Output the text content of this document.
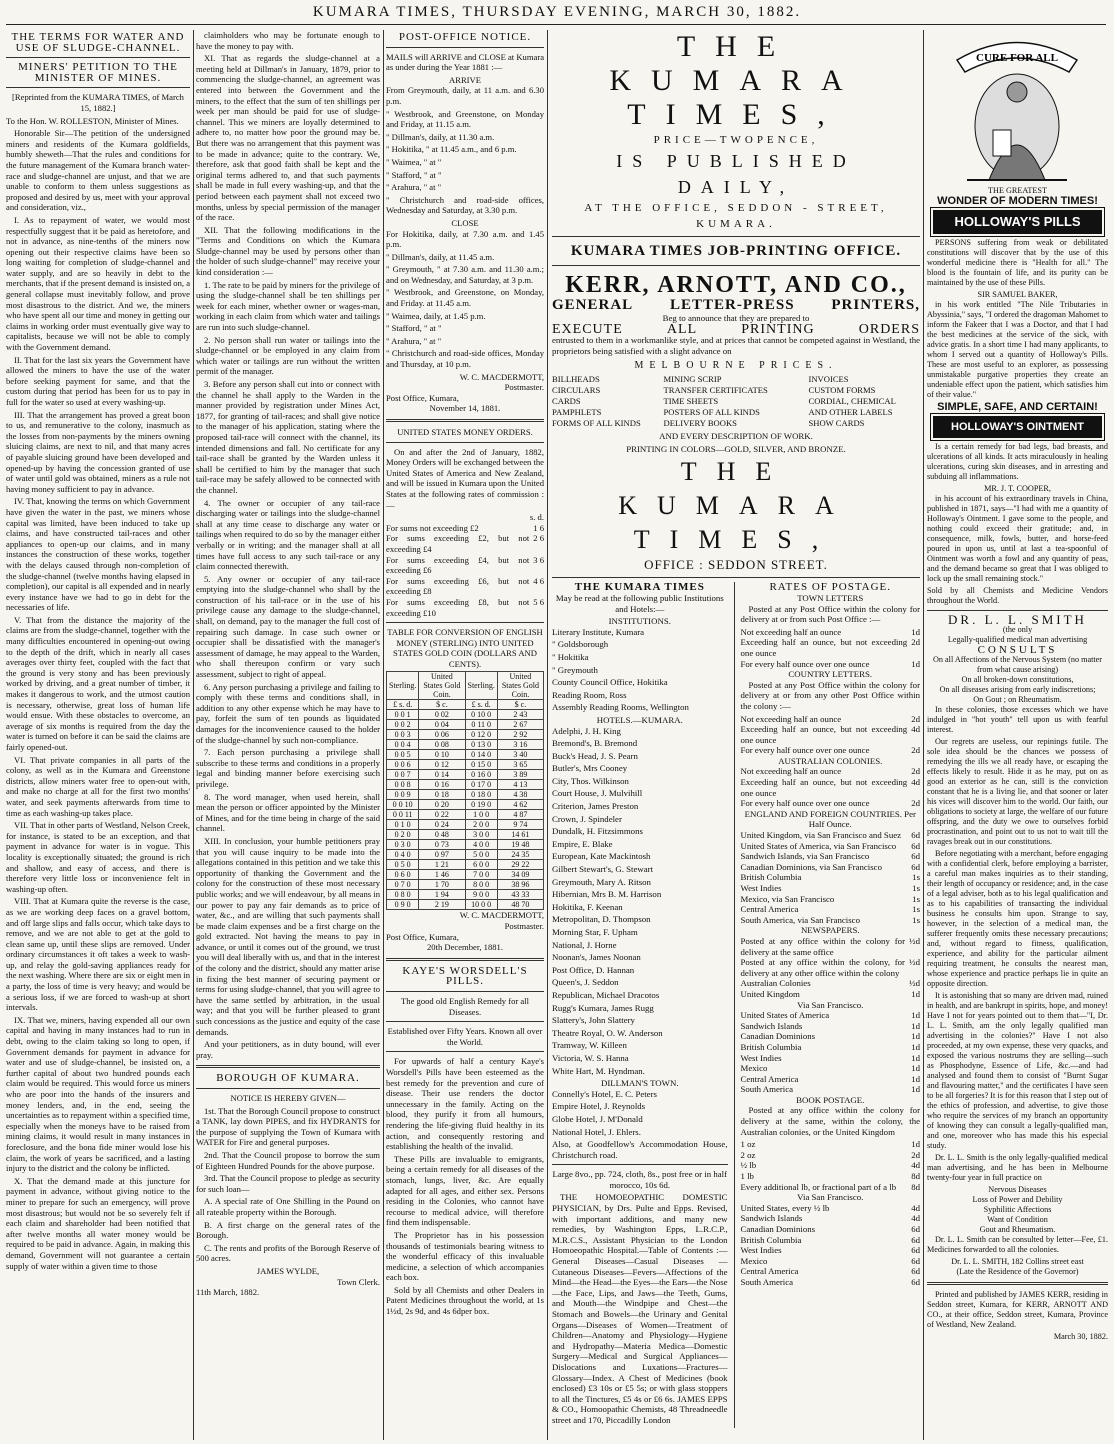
KUMARA TIMES, THURSDAY EVENING, MARCH 30, 1882.
THE TERMS FOR WATER AND USE OF SLUDGE-CHANNEL.
MINERS' PETITION TO THE MINISTER OF MINES.

[Reprinted from the KUMARA TIMES, of March 15, 1882.]

To the Hon. W. ROLLESTON, Minister of Mines.

Honorable Sir—The petition of the undersigned miners and residents of the Kumara goldfields, humbly sheweth—That the rules and conditions for the future management of the Kumara branch water-race and sludge-channel are unjust, and that we are unable to conform to them unless suggestions as proposed and desired by us, meet with your approval and consideration, viz.,

I. As to repayment of water, we would most respectfully suggest that it be paid as heretofore, and not in advance, as nine-tenths of the miners now opening out their respective claims have been so long waiting for completion of sludge-channel and water supply, and are so heavily in debt to the merchants, that if the present demand is insisted on, a general collapse must inevitably follow, and prove most disastrous to the district. And we, the miners who have spent all our time and money in getting our claims in working order must eventually give way to capitalists, because we will not be able to comply with the Government demand.

II. That for the last six years the Government have allowed the miners to have the use of the water before seeking payment for same, and that the custom during that period has been for us to pay in full for the water so used at every washing-up.

III. That the arrangement has proved a great boon to us, and remunerative to the colony, inasmuch as the losses from non-payments by the miners owning sluicing claims, are next to nil, and that many acres of payable sluicing ground have been developed and opened-up by having the concession granted of use of water until gold was obtained, miners as a rule not having money sufficient to pay in advance.

IV. That, knowing the terms on which Government have given the water in the past, we miners whose capital was limited, have been induced to take up claims, and have constructed tail-races and other appliances to open-up our claims, and in many instances the construction of these works, together with the delays caused through non-completion of the sludge-channel (twelve months having elapsed in completion), our capital is all expended and in nearly every instance have we had to go in debt for the necessaries of life.

V. That from the distance the majority of the claims are from the sludge-channel, together with the many difficulties encountered in opening-out owing to the depth of the drift, which in nearly all cases averages over thirty feet, coupled with the fact that the ground is very stony and has been previously worked by driving, and a great number of timber, it makes it dangerous to work, and the utmost caution is necessary, otherwise, great loss of human life would ensue. With these obstacles to overcome, an average of six months is required from the day the water is turned on before it can be said the claims are fairly opened-out.

VI. That private companies in all parts of the colony, as well as in the Kumara and Greenstone districts, allow miners water free to open-out with, and make no charge at all for the first two months' water, and seek payments afterwards from time to time as each washing-up takes place.

VII. That in other parts of Westland, Nelson Creek, for instance, is stated to be an exception, and that payment in advance for water is in vogue. This locality is exceptionally situated; the ground is rich and shallow, and easy of access, and there is therefore very little loss or inconvenience felt in washing-up often.

VIII. That at Kumara quite the reverse is the case, as we are working deep faces on a gravel bottom, and off large slips and falls occur, which take days to remove, and we are not able to get at the gold to clean same up, until these slips are removed. Under ordinary circumstances it oft takes a week to wash-up, and relay the gold-saving appliances ready for the next washing. Where there are six or eight men in a party, the loss of time is very heavy; and would be a serious loss, if we are forced to wash-up at short intervals.

IX. That we, miners, having expended all our own capital and having in many instances had to run in debt, owing to the claim taking so long to open, if Government demands for payment in advance for water and use of sludge-channel, be insisted on, a further capital of about two hundred pounds each claim would be required. This would force us miners who are poor into the hands of the insurers and money lenders, and, in the end, seeing the uncertainties as to repayment within a specified time, especially when the moneys have to be raised from mining claims, it would result in many instances in foreclosure, and the bona fide miner would lose his claim, the work of years be sacrificed, and a lasting injury to the district and the colony be inflicted.

X. That the demand made at this juncture for payment in advance, without giving notice to the miner to prepare for such an emergency, will prove most disastrous; but would not be so severely felt if each claim and shareholder had been notified that after twelve months all water money would be required to be paid in advance. Again, in making this demand, Government will not guarantee a certain supply of water within a given time to those

claimholders who may be fortunate enough to have the money to pay with.

XI. That as regards the sludge-channel at a meeting held at Dillman's in January, 1879, prior to commencing the sludge-channel, an agreement was entered into between the Government and the miners, to the effect that the sum of ten shillings per week per man should be paid for use of sludge-channel. This we miners are loyally determined to adhere to, no matter how poor the ground may be. But there was no arrangement that this payment was to be made in advance; quite to the contrary. We, therefore, ask that good faith shall be kept and the original terms adhered to, and that such payments shall be made in full every washing-up, and that the period between each payment shall not exceed two months, unless by special permission of the manager of the race.

XII. That the following modifications in the "Terms and Conditions on which the Kumara Sludge-channel may be used by persons other than the holder of such sludge-channel" may receive your kind consideration :—

1. The rate to be paid by miners for the privilege of using the sludge-channel shall be ten shillings per week for each miner, whether owner or wages-man, working in each claim from which water and tailings are run into such sludge-channel.

2. No person shall run water or tailings into the sludge-channel or be employed in any claim from which water or tailings are run without the written permit of the manager.

3. Before any person shall cut into or connect with the channel he shall apply to the Warden in the manner provided by registration under Mines Act, 1877, for granting of tail-races; and shall give notice to the manager of his application, stating where the proposed tail-race will connect with the channel, its intended dimensions and fall. No certificate for any tail-race shall be granted by the Warden unless it shall be certified to him by the manager that such tail-race may be safely allowed to be connected with the channel.

4. The owner or occupier of any tail-race discharging water or tailings into the sludge-channel shall at any time cease to discharge any water or tailings when required to do so by the manager either verbally or in writing; and the manager shall at all times have full access to any such tail-race or any claim connected therewith.

5. Any owner or occupier of any tail-race emptying into the sludge-channel who shall by the construction of his tail-race or in the use of his privilege cause any damage to the sludge-channel, shall, on demand, pay to the manager the full cost of repairing such damage. In case such owner or occupier shall be dissatisfied with the manager's assessment of damage, he may appeal to the Warden, who shall thereupon confirm or vary such assessment, subject to right of appeal.

6. Any person purchasing a privilege and failing to comply with these terms and conditions shall, in addition to any other expense which he may have to pay, forfeit the sum of ten pounds as liquidated damages for the inconvenience caused to the holder of the sludge-channel by such non-compliance.

7. Each person purchasing a privilege shall subscribe to these terms and conditions in a properly legal and binding manner before exercising such privilege.

8. The word manager, when used herein, shall mean the person or officer appointed by the Minister of Mines, and for the time being in charge of the said channel.

XIII. In conclusion, your humble petitioners pray that you will cause inquiry to be made into the allegations contained in this petition and we take this opportunity of thanking the Government and the colony for the construction of these most necessary public works; and we will endeavour, by all means in our power to pay any fair demands as to price of water, &c., and are willing that such payments shall be made claim expenses and be a first charge on the gold extracted. Not having the means to pay in advance, or until it comes out of the ground, we trust you will deal liberally with us, and that in the interest of the colony and the district, should any matter arise in fixing the best manner of securing payment or terms for using sludge-channel, that you will agree to have the same settled by arbitration, in the usual way; and that you will be further pleased to grant such concessions as the justice and equity of the case demands.

And your petitioners, as in duty bound, will ever pray.

BOROUGH OF KUMARA.

NOTICE IS HEREBY GIVEN—

1st. That the Borough Council propose to construct a TANK, lay down PIPES, and fix HYDRANTS for the purpose of supplying the Town of Kumara with WATER for Fire and general purposes.

2nd. That the Council propose to borrow the sum of Eighteen Hundred Pounds for the above purpose.

3rd. That the Council propose to pledge as security for such loan—

A. A special rate of One Shilling in the Pound on all rateable property within the Borough.

B. A first charge on the general rates of the Borough.

C. The rents and profits of the Borough Reserve of 500 acres.

JAMES WYLDE,
Town Clerk.
11th March, 1882.
POST-OFFICE NOTICE.

MAILS will ARRIVE and CLOSE at Kumara as under during the Year 1881 :—

ARRIVE

From Greymouth, daily, at 11 a.m. and 6.30 p.m.

" Westbrook, and Greenstone, on Monday and Friday, at 11.15 a.m.

" Dillman's, daily, at 11.30 a.m.

" Hokitika, " at 11.45 a.m., and 6 p.m.

" Waimea, " at "

" Stafford, " at "

" Arahura, " at "

" Christchurch and road-side offices, Wednesday and Saturday, at 3.30 p.m.

CLOSE

For Hokitika, daily, at 7.30 a.m. and 1.45 p.m.

" Dillman's, daily, at 11.45 a.m.

" Greymouth, " at 7.30 a.m. and 11.30 a.m.; and on Wednesday, and Saturday, at 3 p.m.

" Westbrook, and Greenstone, on Monday, and Friday. at 11.45 a.m.

" Waimea, daily, at 1.45 p.m.

" Stafford, " at "

" Arahura, " at "

" Christchurch and road-side offices, Monday and Thursday, at 10 p.m.

W. C. MACDERMOTT,
Postmaster.
Post Office, Kumara,
November 14, 1881.
UNITED STATES MONEY ORDERS.

On and after the 2nd of January, 1882, Money Orders will be exchanged between the United States of America and New Zealand, and will be issued in Kumara upon the United States at the following rates of commission :—

s. d.
For sums not exceeding £2	1 6
For sums exceeding £2, but not exceeding £4
2 6
For sums exceeding £4, but not exceeding £6
3 6
For sums exceeding £6, but not exceeding £8
4 6
For sums exceeding £8, but not exceeding £10
5 6

TABLE FOR CONVERSION OF ENGLISH MONEY (STERLING) INTO UNITED STATES GOLD COIN (DOLLARS AND CENTS).

Sterling.	United States Gold Coin.	Sterling.	United States Gold Coin.
£ s. d.	$ c.	£ s. d.	$ c.
0 0 1	0 02	0 10 0	2 43
0 0 2	0 04	0 11 0	2 67
0 0 3	0 06	0 12 0	2 92
0 0 4	0 08	0 13 0	3 16
0 0 5	0 10	0 14 0	3 40
0 0 6	0 12	0 15 0	3 65
0 0 7	0 14	0 16 0	3 89
0 0 8	0 16	0 17 0	4 13
0 0 9	0 18	0 18 0	4 38
0 0 10	0 20	0 19 0	4 62
0 0 11	0 22	1 0 0	4 87
0 1 0	0 24	2 0 0	9 74
0 2 0	0 48	3 0 0	14 61
0 3 0	0 73	4 0 0	19 48
0 4 0	0 97	5 0 0	24 35
0 5 0	1 21	6 0 0	29 22
0 6 0	1 46	7 0 0	34 09
0 7 0	1 70	8 0 0	38 96
0 8 0	1 94	9 0 0	43 33
0 9 0	2 19	10 0 0	48 70
W. C. MACDERMOTT,
Postmaster.
Post Office, Kumara,
20th December, 1881.
KAYE'S WORSDELL'S PILLS.

The good old English Remedy for all Diseases.

Established over Fifty Years. Known all over the World.

For upwards of half a century Kaye's Worsdell's Pills have been esteemed as the best remedy for the prevention and cure of disease. Their use renders the doctor unnecessary in the family. Acting on the blood, they purify it from all humours, rendering the life-giving fluid healthy in its action, and consequently restoring and establishing the health of the invalid.

These Pills are invaluable to emigrants, being a certain remedy for all diseases of the stomach, lungs, liver, &c. Are equally adapted for all ages, and either sex. Persons residing in the Colonies, who cannot have recourse to medical advice, will therefore find them indispensable.

The Proprietor has in his possession thousands of testimonials bearing witness to the wonderful efficacy of this invaluable medicine, a selection of which accompanies each box.

Sold by all Chemists and other Dealers in Patent Medicines throughout the world, at 1s 1½d, 2s 9d, and 4s 6dper box.

THE KUMARA TIMES,
PRICE—TWOPENCE,
IS PUBLISHED DAILY,
AT THE OFFICE, SEDDON - STREET,
KUMARA.
KUMARA TIMES JOB-PRINTING OFFICE.
KERR, ARNOTT, AND CO.,
GENERAL LETTER-PRESS PRINTERS,
Beg to announce that they are prepared to
EXECUTE	ALL	PRINTING	ORDERS

entrusted to them in a workmanlike style, and at prices that cannot be competed against in Westland, the proprietors being satisfied with a slight advance on

MELBOURNE PRICES.
BILLHEADS	MINING SCRIP	INVOICES
CIRCULARS	TRANSFER CERTIFICATES	CUSTOM FORMS
CARDS	TIME SHEETS	CORDIAL, CHEMICAL
PAMPHLETS	POSTERS OF ALL KINDS	AND OTHER LABELS
FORMS OF ALL KINDS	DELIVERY BOOKS	SHOW CARDS
AND EVERY DESCRIPTION OF WORK.
PRINTING IN COLORS—GOLD, SILVER, AND BRONZE.
THE KUMARA TIMES,
OFFICE : SEDDON STREET.
THE KUMARA TIMES

May be read at the following public Institutions and Hotels:—

INSTITUTIONS.

Literary Institute, Kumara

" Goldsborough

" Hokitika

" Greymouth

County Council Office, Hokitika

Reading Room, Ross

Assembly Reading Rooms, Wellington

HOTELS.—KUMARA.

Adelphi, J. H. King

Bremond's, B. Bremond

Buck's Head, J. S. Pearn

Butler's, Mrs Cooney

City, Thos. Wilkinson

Court House, J. Mulvihill

Criterion, James Preston

Crown, J. Spindeler

Dundalk, H. Fitzsimmons

Empire, E. Blake

European, Kate Mackintosh

Gilbert Stewart's, G. Stewart

Greymouth, Mary A. Ritson

Hibernian, Mrs B. M. Harrison

Hokitika, F. Keenan

Metropolitan, D. Thompson

Morning Star, F. Upham

National, J. Horne

Noonan's, James Noonan

Post Office, D. Hannan

Queen's, J. Seddon

Republican, Michael Dracotos

Rugg's Kumara, James Rugg

Slattery's, John Slattery

Theatre Royal, O. W. Anderson

Tramway, W. Killeen

Victoria, W. S. Hanna

White Hart, M. Hyndman.

DILLMAN'S TOWN.

Connelly's Hotel, E. C. Peters

Empire Hotel, J. Reynolds

Globe Hotel, J. M'Donald

National Hotel, J. Ehlers.

Also, at Goodfellow's Accommodation House, Christchurch road.

Large 8vo., pp. 724, cloth, 8s., post free or in half morocco, 10s 6d.

THE HOMOEOPATHIC DOMESTIC PHYSICIAN, by Drs. Pulte and Epps. Revised, with important additions, and many new remedies, by Washington Epps, L.R.C.P., M.R.C.S., Assistant Physician to the London Homoeopathic Hospital.—Table of Contents :—General Diseases—Casual Diseases — Cutaneous Diseases—Fevers—Affections of the Mind—the Head—the Eyes—the Ears—the Nose—the Face, Lips, and Jaws—the Teeth, Gums, and Mouth—the Windpipe and Chest—the Stomach and Bowels—the Urinary and Genital Organs—Diseases of Women—Treatment of Children—Anatomy and Physiology—Hygiene and Hydropathy—Materia Medica—Domestic Surgery—Medical and Surgical Appliances—Dislocations and Luxations—Fractures—Glossary—Index. A Chest of Medicines (book enclosed) £3 10s or £5 5s; or with glass stoppers to all the Tinctures, £5 4s or £6 6s. JAMES EPPS & CO., Homoopathic Chemists, 48 Threadneedle street and 170, Piccadilly London

RATES OF POSTAGE.
TOWN LETTERS

Posted at any Post Office within the colony for delivery at or from such Post Office :—

Not exceeding half an ounce	1d
Exceeding half an ounce, but not exceeding one ounce
2d
For every half ounce over one ounce	1d
COUNTRY LETTERS.

Posted at any Post Office within the colony for delivery at or from any other Post Office within the colony :—

Not exceeding half an ounce	2d
Exceeding half an ounce, but not exceeding one ounce
4d
For every half ounce over one ounce	2d
AUSTRALIAN COLONIES.
Not exceeding half an ounce	2d
Exceeding half an ounce, but not exceeding one ounce
4d
For every half ounce over one ounce	2d
ENGLAND AND FOREIGN COUNTRIES. Per Half Ounce.
United Kingdom, via San Francisco and Suez 6d
United States of America, via San Francisco 6d
Sandwich Islands, via San Francisco	6d
Canadian Dominions, via San Francisco	6d
British Columbia	1s
West Indies	1s
Mexico, via San Francisco	1s
Central America	1s
South America, via San Francisco	1s
NEWSPAPERS.
Posted at any office within the colony for delivery at the same office
½d
Posted at any office within the colony, for delivery at any other office within the colony
½d
Australian Colonies	½d
United Kingdom	1d
Via San Francisco.
United States of America	1d
Sandwich Islands	1d
Canadian Dominions	1d
British Columbia	1d
West Indies	1d
Mexico	1d
Central America	1d
South America	1d
BOOK POSTAGE.

Posted at any office within the colony for delivery at the same, within the colony, the Australian colonies, or the United Kingdom

1 oz	1d
2 oz	2d
½ lb	4d
1 lb	8d
Every additional lb, or fractional part of a lb 8d
Via San Francisco.
United States, every ½ lb	4d
Sandwich Islands	4d
Canadian Dominions	6d
British Columbia	6d
West Indies	6d
Mexico	6d
Central America	6d
South America	6d
CURE FOR ALL
THE GREATEST
WONDER OF MODERN TIMES!
HOLLOWAY'S PILLS

PERSONS suffering from weak or debilitated constitutions will discover that by the use of this wonderful medicine there is "Health for all." The blood is the fountain of life, and its purity can be maintained by the use of these Pills.

SIR SAMUEL BAKER,

in his work entitled "The Nile Tributaries in Abyssinia," says, "I ordered the dragoman Mahomet to inform the Fakeer that I was a Doctor, and that I had the best medicines at the service of the sick, with advice gratis. In a short time I had many applicants, to whom I served out a quantity of Holloway's Pills. These are most useful to an explorer, as possessing unmistakable purgative properties they create an undeniable effect upon the patient, which satisfies him of their value."

SIMPLE, SAFE, AND CERTAIN!
HOLLOWAY'S OINTMENT

Is a certain remedy for bad legs, bad breasts, and ulcerations of all kinds. It acts miraculously in healing ulcerations, curing skin diseases, and in arresting and subduing all inflammations.

MR. J. T. COOPER,

in his account of his extraordinary travels in China, published in 1871, says—"I had with me a quantity of Holloway's Ointment. I gave some to the people, and nothing could exceed their gratitude; and, in consequence, milk, fowls, butter, and horse-feed poured in upon us, until at last a tea-spoonful of Ointment was worth a fowl and any quantity of peas, and the demand became so great that I was obliged to lock up the small remaining stock."

Sold by all Chemists and Medicine Vendors throughout the World.

DR. L. L. SMITH
(the only
Legally-qualified medical man advertising
CONSULTS
On all Affections of the Nervous System (no matter from what cause arising)
On all broken-down constitutions,
On all diseases arising from early indiscretions;
On Gout ; on Rheumatism.

In these colonies, those excesses which we have indulged in "hot youth" tell upon us with fearful interest.

Our regrets are useless, our repinings futile. The sole idea should be the chances we possess of remedying the ills we all ready have, or escaping the effects likely to result. Hide it as he may, put on as good an exterior as he can, still is the conviction constant that he is a living lie, and that sooner or later his vices will discover him to the world. Our faith, our obligations to society at large, the welfare of our future offspring, and the duty we owe to ourselves forbid procrastination, and point out to us not to wait till the ravages break out in our constitutions.

Before negotiating with a merchant, before engaging with a confidential clerk, before employing a barrister, a careful man makes inquiries as to their standing, their length of occupancy or residence; and, in the case of a legal adviser, both as to his legal qualification and as to his capabilities of transacting the individual business he consults him upon. Strange to say, however, in the selection of a medical man, the sufferer frequently omits these necessary precautions; and, without regard to fitness, qualification, experience, and ability for the particular ailment requiring treatment, he consults the nearest man, whose experience and practice perhaps lie in quite an opposite direction.

It is astonishing that so many are driven mad, ruined in health, and are bankrupt in spirits, hope, and money! Have I not for years pointed out to them that—"I, Dr. L. L. Smith, am the only legally qualified man advertising in the colonies?" Have I not also proceeded, at my own expense, these very quacks, and exposed the various nostrums they are selling—such as Phosphodyne, Essence of Life, &c.—and had analysed and found them to consist of "Burnt Sugar and flavouring matter," and the certificates I have seen to be all forgeries? It is for this reason that I step out of the ethics of profession, and advertise, to give those who require the services of my branch an opportunity of knowing they can consult a legally-qualified man, and one, moreover who has made this his especial study.

Dr. L. L. Smith is the only legally-qualified medical man advertising, and he has been in Melbourne twenty-four year in full practice on

Nervous Diseases
Loss of Power and Debility
Syphilitic Affections
Want of Condition
Gout and Rheumatism.

Dr. L. L. Smith can be consulted by letter—Fee, £1. Medicines forwarded to all the colonies.

Dr. L. L. SMITH, 182 Collins street east
(Late the Residence of the Governor)

Printed and published by JAMES KERR, residing in Seddon street, Kumara, for KERR, ARNOTT AND CO., at their office, Seddon street, Kumara, Province of Westland, New Zealand.

March 30, 1882.
